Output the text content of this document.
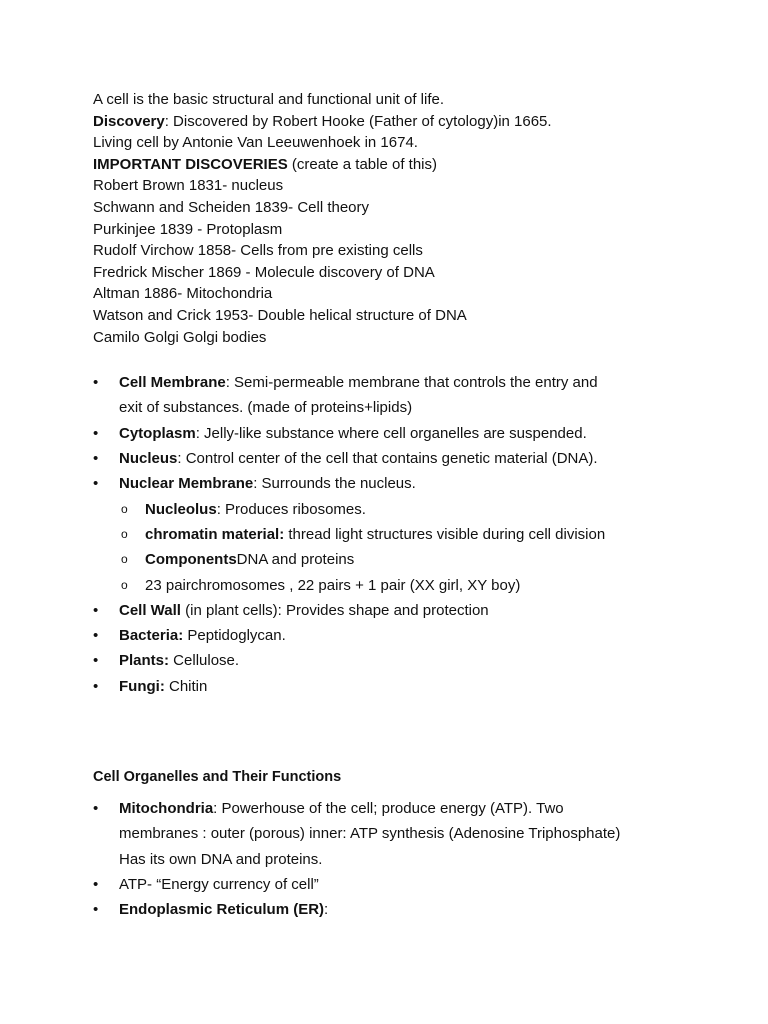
A cell is the basic structural and functional unit of life.
Discovery: Discovered by Robert Hooke (Father of cytology)in 1665.
Living cell by Antonie Van Leeuwenhoek in 1674.
IMPORTANT DISCOVERIES (create a table of this)
Robert Brown 1831- nucleus
Schwann and Scheiden 1839- Cell theory
Purkinjee 1839 - Protoplasm
Rudolf Virchow 1858- Cells from pre existing cells
Fredrick Mischer 1869 - Molecule discovery of DNA
Altman 1886- Mitochondria
Watson and Crick 1953- Double helical structure of DNA
Camilo Golgi Golgi bodies
• Cell Membrane: Semi-permeable membrane that controls the entry and
exit of substances. (made of proteins+lipids)
• Cytoplasm: Jelly-like substance where cell organelles are suspended.
• Nucleus: Control center of the cell that contains genetic material (DNA).
• Nuclear Membrane: Surrounds the nucleus.
o Nucleolus: Produces ribosomes.
o chromatin material: thread light structures visible during cell division
o ComponentsDNA and proteins
o 23 pairchromosomes , 22 pairs + 1 pair (XX girl, XY boy)
• Cell Wall (in plant cells): Provides shape and protection
• Bacteria: Peptidoglycan.
• Plants: Cellulose.
• Fungi: Chitin
Cell Organelles and Their Functions
• Mitochondria: Powerhouse of the cell; produce energy (ATP). Two
membranes : outer (porous) inner: ATP synthesis (Adenosine Triphosphate)
Has its own DNA and proteins.
• ATP- “Energy currency of cell”
• Endoplasmic Reticulum (ER):
